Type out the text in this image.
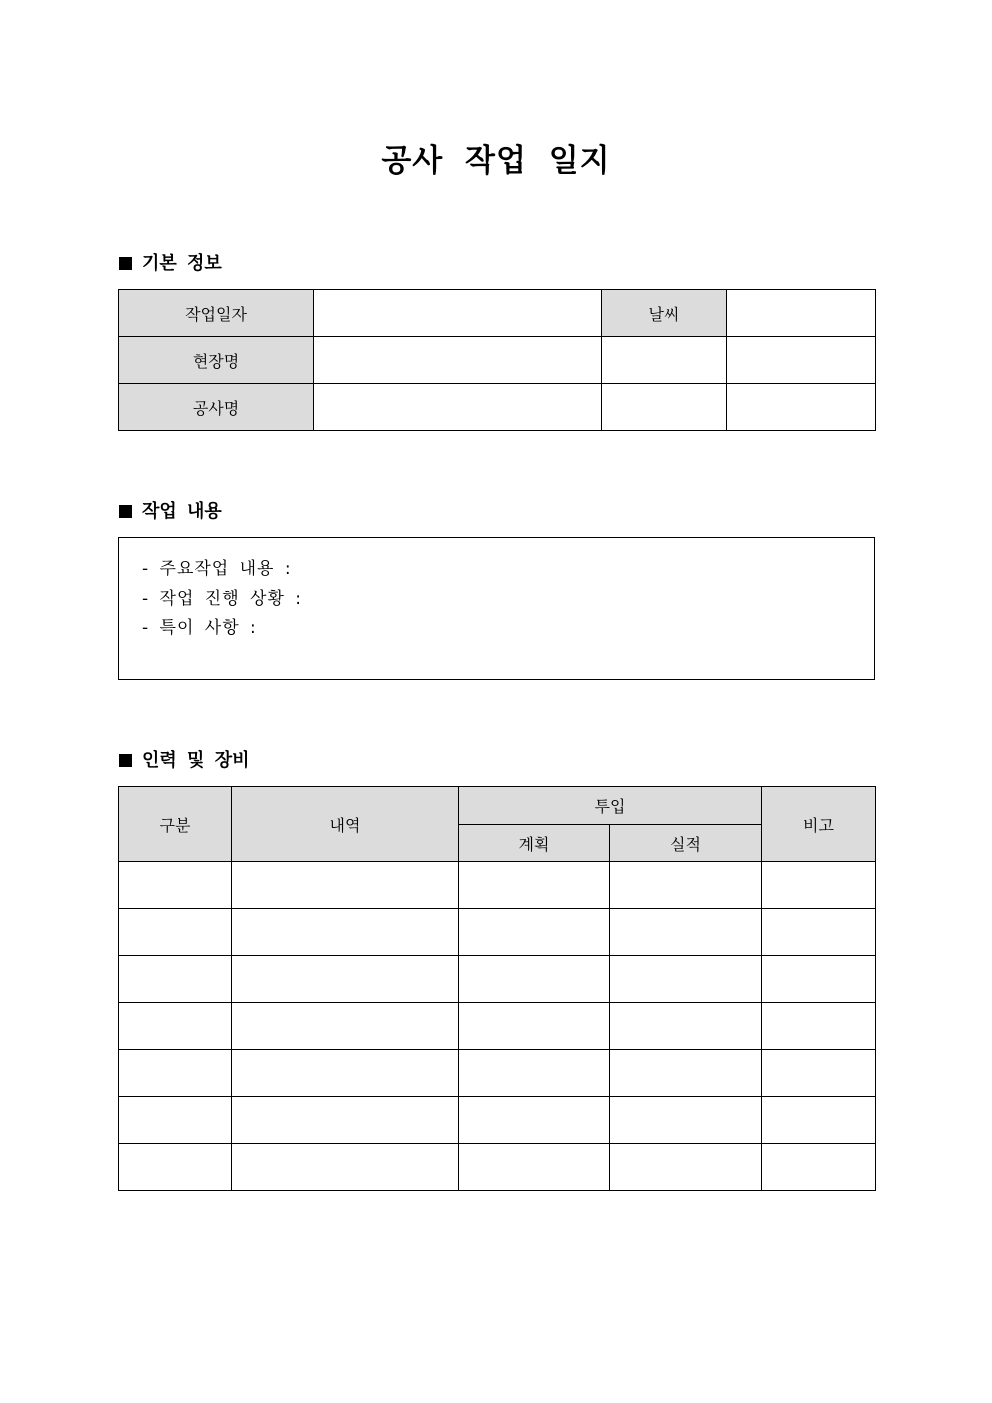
공사 작업 일지
기본 정보
작업일자		날씨	
현장명			
공사명			
작업 내용
- 주요작업 내용 :
- 작업 진행 상황 :
- 특이 사항 :
인력 및 장비
구분	내역	투입		비고
		계획	실적	
